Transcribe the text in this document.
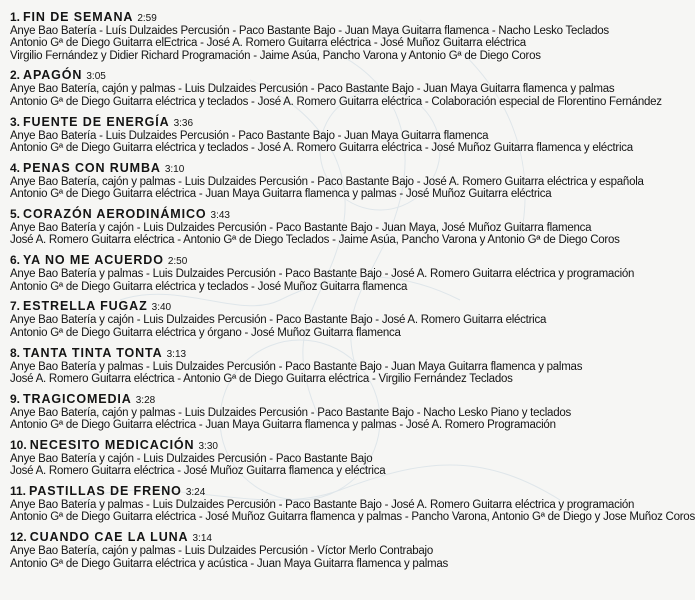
1. FIN DE SEMANA 2:59
Anye Bao Batería - Luís Dulzaides Percusión - Paco Bastante Bajo - Juan Maya Guitarra flamenca - Nacho Lesko Teclados
Antonio Gª de Diego Guitarra elEctrica - José A. Romero Guitarra eléctrica - José Muñoz Guitarra eléctrica
Virgilio Fernández y Didier Richard Programación - Jaime Asúa, Pancho Varona y Antonio Gª de Diego Coros
2. APAGÓN 3:05
Anye Bao Batería, cajón y palmas - Luis Dulzaides Percusión - Paco Bastante Bajo - Juan Maya Guitarra flamenca y palmas
Antonio Gª de Diego Guitarra eléctrica y teclados - José A. Romero Guitarra eléctrica - Colaboración especial de Florentino Fernández
3. FUENTE DE ENERGÍA 3:36
Anye Bao Batería - Luis Dulzaides Percusión - Paco Bastante Bajo - Juan Maya Guitarra flamenca
Antonio Gª de Diego Guitarra eléctrica y teclados - José A. Romero Guitarra eléctrica - José Muñoz Guitarra flamenca y eléctrica
4. PENAS CON RUMBA 3:10
Anye Bao Batería, cajón y palmas - Luis Dulzaides Percusión - Paco Bastante Bajo - José A. Romero Guitarra eléctrica y española
Antonio Gª de Diego Guitarra eléctrica - Juan Maya Guitarra flamenca y palmas - José Muñoz Guitarra eléctrica
5. CORAZÓN AERODINÁMICO 3:43
Anye Bao Batería y cajón - Luis Dulzaides Percusión - Paco Bastante Bajo - Juan Maya, José Muñoz Guitarra flamenca
José A. Romero Guitarra eléctrica - Antonio Gª de Diego Teclados - Jaime Asúa, Pancho Varona y Antonio Gª de Diego Coros
6. YA NO ME ACUERDO 2:50
Anye Bao Batería y palmas - Luis Dulzaides Percusión - Paco Bastante Bajo - José A. Romero Guitarra eléctrica y programación
Antonio Gª de Diego Guitarra eléctrica y teclados - José Muñoz Guitarra flamenca
7. ESTRELLA FUGAZ 3:40
Anye Bao Batería y cajón - Luis Dulzaides Percusión - Paco Bastante Bajo - José A. Romero Guitarra eléctrica
Antonio Gª de Diego Guitarra eléctrica y órgano - José Muñoz Guitarra flamenca
8. TANTA TINTA TONTA 3:13
Anye Bao Batería y palmas - Luis Dulzaides Percusión - Paco Bastante Bajo - Juan Maya Guitarra flamenca y palmas
José A. Romero Guitarra eléctrica - Antonio Gª de Diego Guitarra eléctrica - Virgilio Fernández Teclados
9. TRAGICOMEDIA 3:28
Anye Bao Batería, cajón y palmas - Luis Dulzaides Percusión - Paco Bastante Bajo - Nacho Lesko Piano y teclados
Antonio Gª de Diego Guitarra eléctrica - Juan Maya Guitarra flamenca y palmas - José A. Romero Programación
10. NECESITO MEDICACIÓN 3:30
Anye Bao Batería y cajón - Luis Dulzaides Percusión - Paco Bastante Bajo
José A. Romero Guitarra eléctrica - José Muñoz Guitarra flamenca y eléctrica
11. PASTILLAS DE FRENO 3:24
Anye Bao Batería y palmas - Luis Dulzaides Percusión - Paco Bastante Bajo - José A. Romero Guitarra eléctrica y programación
Antonio Gª de Diego Guitarra eléctrica - José Muñoz Guitarra flamenca y palmas - Pancho Varona, Antonio Gª de Diego y Jose Muñoz Coros
12. CUANDO CAE LA LUNA 3:14
Anye Bao Batería, cajón y palmas - Luis Dulzaides Percusión - Víctor Merlo Contrabajo
Antonio Gª de Diego Guitarra eléctrica y acústica - Juan Maya Guitarra flamenca y palmas
